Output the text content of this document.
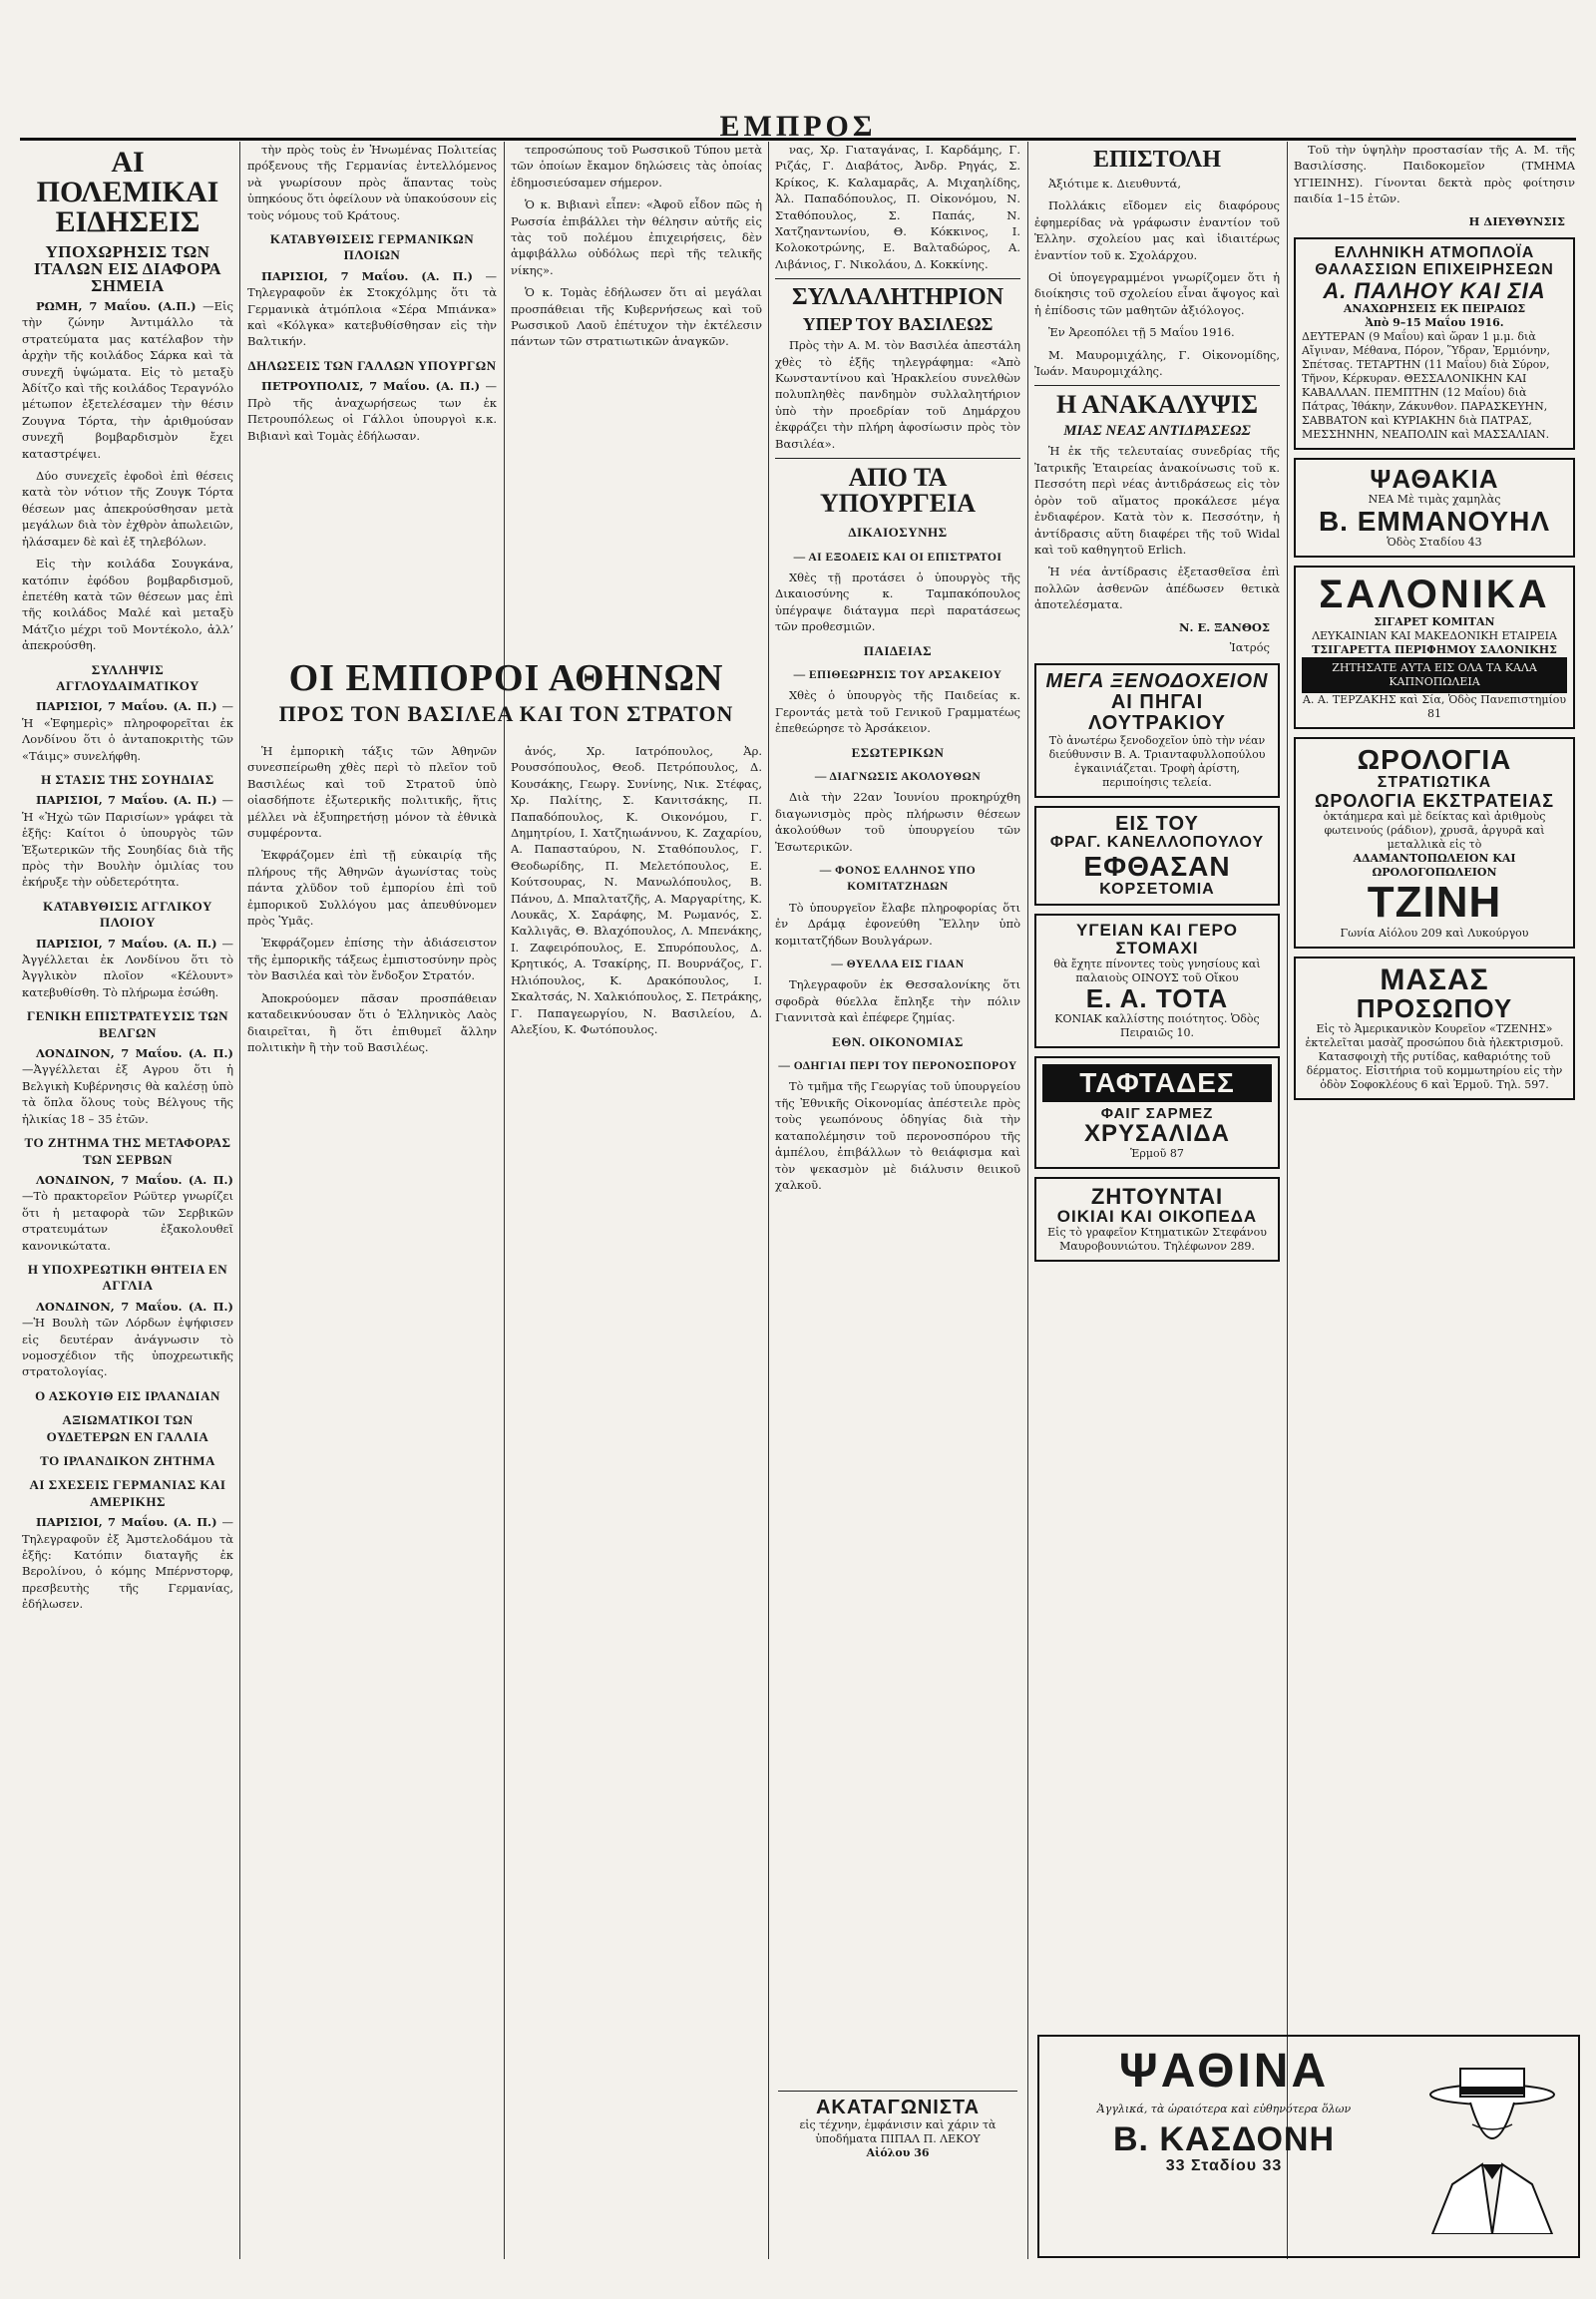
ΕΜΠΡΟΣ
ΑΙ ΠΟΛΕΜΙΚΑΙ ΕΙΔΗΣΕΙΣ
ΥΠΟΧΩΡΗΣΙΣ ΤΩΝ ΙΤΑΛΩΝ ΕΙΣ ΔΙΑΦΟΡΑ ΣΗΜΕΙΑ

ΡΩΜΗ, 7 Μαΐου. (Α.Π.) —Εἰς τὴν ζώνην Ἀντιμάλλο τὰ στρατεύματα μας κατέλαβον τὴν ἀρχὴν τῆς κοιλάδος Σάρκα καὶ τὰ συνεχῆ ὑψώματα. Εἰς τὸ μεταξὺ Ἀδίτζο καὶ τῆς κοιλάδος Τεραγνόλο μέτωπον ἐξετελέσαμεν τὴν θέσιν Ζουγνα Τόρτα, τὴν ἀριθμούσαν συνεχῆ βομβαρδισμὸν ἔχει καταστρέψει.

Δύο συνεχεῖς ἐφοδοὶ ἐπὶ θέσεις κατὰ τὸν νότιον τῆς Ζουγκ Τόρτα θέσεων μας ἀπεκρούσθησαν μετὰ μεγάλων διὰ τὸν ἐχθρὸν ἀπωλειῶν, ἠλάσαμεν δὲ καὶ ἐξ τηλεβόλων.

Εἰς τὴν κοιλάδα Σουγκάνα, κατόπιν ἐφόδου βομβαρδισμοῦ, ἐπετέθη κατὰ τῶν θέσεων μας ἐπὶ τῆς κοιλάδος Μαλέ καὶ μεταξὺ Μάτζιο μέχρι τοῦ Μοντέκολο, ἀλλ’ ἀπεκρούσθη.

ΣΥΛΛΗΨΙΣ ΑΓΓΛΟΥΔΑΙΜΑΤΙΚΟΥ

ΠΑΡΙΣΙΟΙ, 7 Μαΐου. (Α. Π.) —Ἡ «Ἐφημερὶς» πληροφορεῖται ἐκ Λονδίνου ὅτι ὁ ἀνταποκριτὴς τῶν «Τάιμς» συνελήφθη.

Η ΣΤΑΣΙΣ ΤΗΣ ΣΟΥΗΔΙΑΣ

ΠΑΡΙΣΙΟΙ, 7 Μαΐου. (Α. Π.) —Ἡ «Ἠχὼ τῶν Παρισίων» γράφει τὰ ἑξῆς: Καίτοι ὁ ὑπουργὸς τῶν Ἐξωτερικῶν τῆς Σουηδίας διὰ τῆς πρὸς τὴν Βουλὴν ὁμιλίας του ἐκήρυξε τὴν οὐδετερότητα.

ΚΑΤΑΒΥΘΙΣΙΣ ΑΓΓΛΙΚΟΥ ΠΛΟΙΟΥ

ΠΑΡΙΣΙΟΙ, 7 Μαΐου. (Α. Π.) — Ἀγγέλλεται ἐκ Λονδίνου ὅτι τὸ Ἀγγλικὸν πλοῖον «Κέλουντ» κατεβυθίσθη. Τὸ πλήρωμα ἐσώθη.

ΓΕΝΙΚΗ ΕΠΙΣΤΡΑΤΕΥΣΙΣ ΤΩΝ ΒΕΛΓΩΝ

ΛΟΝΔΙΝΟΝ, 7 Μαΐου. (Α. Π.) —Ἀγγέλλεται ἐξ Αγρου ὅτι ἡ Βελγικὴ Κυβέρνησις θὰ καλέσῃ ὑπὸ τὰ ὅπλα ὅλους τοὺς Βέλγους τῆς ἡλικίας 18 – 35 ἐτῶν.

ΤΟ ΖΗΤΗΜΑ ΤΗΣ ΜΕΤΑΦΟΡΑΣ ΤΩΝ ΣΕΡΒΩΝ

ΛΟΝΔΙΝΟΝ, 7 Μαΐου. (Α. Π.) —Τὸ πρακτορεῖον Ρώϋτερ γνωρίζει ὅτι ἡ μεταφορὰ τῶν Σερβικῶν στρατευμάτων ἐξακολουθεῖ κανονικώτατα.

Η ΥΠΟΧΡΕΩΤΙΚΗ ΘΗΤΕΙΑ ΕΝ ΑΓΓΛΙΑ

ΛΟΝΔΙΝΟΝ, 7 Μαΐου. (Α. Π.) —Ἡ Βουλὴ τῶν Λόρδων ἐψήφισεν εἰς δευτέραν ἀνάγνωσιν τὸ νομοσχέδιον τῆς ὑποχρεωτικῆς στρατολογίας.

Ο ΑΣΚΟΥΙΘ ΕΙΣ ΙΡΛΑΝΔΙΑΝ
ΑΞΙΩΜΑΤΙΚΟΙ ΤΩΝ ΟΥΔΕΤΕΡΩΝ ΕΝ ΓΑΛΛΙΑ
ΤΟ ΙΡΛΑΝΔΙΚΟΝ ΖΗΤΗΜΑ
ΑΙ ΣΧΕΣΕΙΣ ΓΕΡΜΑΝΙΑΣ ΚΑΙ ΑΜΕΡΙΚΗΣ

ΠΑΡΙΣΙΟΙ, 7 Μαΐου. (Α. Π.) —Τηλεγραφοῦν ἐξ Ἀμστελοδάμου τὰ ἑξῆς: Κατόπιν διαταγῆς ἐκ Βερολίνου, ὁ κόμης Μπέρνστορφ, πρεσβευτὴς τῆς Γερμανίας, ἐδήλωσεν.

τὴν πρὸς τοὺς ἐν Ἡνωμένας Πολιτείας πρόξενους τῆς Γερμανίας ἐντελλόμενος νὰ γνωρίσουν πρὸς ἅπαντας τοὺς ὑπηκόους ὅτι ὀφείλουν νὰ ὑπακούσουν εἰς τοὺς νόμους τοῦ Κράτους.

ΚΑΤΑΒΥΘΙΣΕΙΣ ΓΕΡΜΑΝΙΚΩΝ ΠΛΟΙΩΝ

ΠΑΡΙΣΙΟΙ, 7 Μαΐου. (Α. Π.) —Τηλεγραφοῦν ἐκ Στοκχόλμης ὅτι τὰ Γερμανικὰ ἀτμόπλοια «Σέρα Μπιάνκα» καὶ «Κόλγκα» κατεβυθίσθησαν εἰς τὴν Βαλτικήν.

ΔΗΛΩΣΕΙΣ ΤΩΝ ΓΑΛΛΩΝ ΥΠΟΥΡΓΩΝ

ΠΕΤΡΟΥΠΟΛΙΣ, 7 Μαΐου. (Α. Π.) — Πρὸ τῆς ἀναχωρήσεως των ἐκ Πετρουπόλεως οἱ Γάλλοι ὑπουργοὶ κ.κ. Βιβιανὶ καὶ Τομὰς ἐδήλωσαν.

ΟΙ ΕΜΠΟΡΟΙ ΑΘΗΝΩΝ
ΠΡΟΣ ΤΟΝ ΒΑΣΙΛΕΑ ΚΑΙ ΤΟΝ ΣΤΡΑΤΟΝ

Ἡ ἐμπορικὴ τάξις τῶν Ἀθηνῶν συνεσπείρωθη χθὲς περὶ τὸ πλεῖον τοῦ Βασιλέως καὶ τοῦ Στρατοῦ ὑπὸ οἰασδήποτε ἐξωτερικῆς πολιτικῆς, ἥτις μέλλει νὰ ἐξυπηρετήσῃ μόνον τὰ ἐθνικὰ συμφέροντα.

Ἐκφράζομεν ἐπὶ τῇ εὐκαιρίᾳ τῆς πλήρους τῆς Ἀθηνῶν ἀγωνίστας τοὺς πάντα χλῦδον τοῦ ἐμπορίου ἐπὶ τοῦ ἐμπορικοῦ Συλλόγου μας ἀπευθύνομεν πρὸς Ὑμᾶς.

Ἐκφράζομεν ἐπίσης τὴν ἀδιάσειστον τῆς ἐμπορικῆς τάξεως ἐμπιστοσύνην πρὸς τὸν Βασιλέα καὶ τὸν ἔνδοξον Στρατόν.

Ἀποκρούομεν πᾶσαν προσπάθειαν καταδεικνύουσαν ὅτι ὁ Ἑλληνικὸς Λαὸς διαιρεῖται, ἢ ὅτι ἐπιθυμεῖ ἄλλην πολιτικὴν ἢ τὴν τοῦ Βασιλέως.

τεπροσώπους τοῦ Ρωσσικοῦ Τύπου μετὰ τῶν ὁποίων ἔκαμον δηλώσεις τὰς ὁποίας ἐδημοσιεύσαμεν σήμερον.

Ὁ κ. Βιβιανὶ εἶπεν: «Ἀφοῦ εἶδον πῶς ἡ Ρωσσία ἐπιβάλλει τὴν θέλησιν αὐτῆς εἰς τὰς τοῦ πολέμου ἐπιχειρήσεις, δὲν ἀμφιβάλλω οὐδόλως περὶ τῆς τελικῆς νίκης».

Ὁ κ. Τομὰς ἐδήλωσεν ὅτι αἱ μεγάλαι προσπάθειαι τῆς Κυβερνήσεως καὶ τοῦ Ρωσσικοῦ Λαοῦ ἐπέτυχον τὴν ἐκτέλεσιν πάντων τῶν στρατιωτικῶν ἀναγκῶν.

ἀνός, Χρ. Ιατρόπουλος, Ἀρ. Ρουσσόπουλος, Θεοδ. Πετρόπουλος, Δ. Κουσάκης, Γεωργ. Συνίνης, Νικ. Στέφας, Χρ. Παλίτης, Σ. Κανιτσάκης, Π. Παπαδόπουλος, Κ. Οικονόμου, Γ. Δημητρίου, Ι. Χατζηιωάννου, Κ. Ζαχαρίου, Α. Παπασταύρου, Ν. Σταθόπουλος, Γ. Θεοδωρίδης, Π. Μελετόπουλος, Ε. Κούτσουρας, Ν. Μανωλόπουλος, Β. Πάνου, Δ. Μπαλτατζῆς, Α. Μαργαρίτης, Κ. Λουκᾶς, Χ. Σαράφης, Μ. Ρωμανός, Σ. Καλλιγᾶς, Θ. Βλαχόπουλος, Λ. Μπενάκης, Ι. Ζαφειρόπουλος, Ε. Σπυρόπουλος, Δ. Κρητικός, Α. Τσακίρης, Π. Βουρνάζος, Γ. Ηλιόπουλος, Κ. Δρακόπουλος, Ι. Σκαλτσάς, Ν. Χαλκιόπουλος, Σ. Πετράκης, Γ. Παπαγεωργίου, Ν. Βασιλείου, Δ. Αλεξίου, Κ. Φωτόπουλος.

νας, Χρ. Γιαταγάνας, Ι. Καρδάμης, Γ. Ριζάς, Γ. Διαβάτος, Ἀνδρ. Ρηγάς, Σ. Κρίκος, Κ. Καλαμαρᾶς, Α. Μιχαηλίδης, Ἀλ. Παπαδόπουλος, Π. Οἰκονόμου, Ν. Σταθόπουλος, Σ. Παπάς, Ν. Χατζηαντωνίου, Θ. Κόκκινος, Ι. Κολοκοτρώνης, Ε. Βαλταδώρος, Α. Λιβάνιος, Γ. Νικολάου, Δ. Κοκκίνης.

ΣΥΛΛΑΛΗΤΗΡΙΟΝ
ΥΠΕΡ ΤΟΥ ΒΑΣΙΛΕΩΣ

Πρὸς τὴν Α. Μ. τὸν Βασιλέα ἀπεστάλη χθὲς τὸ ἑξῆς τηλεγράφημα: «Ἀπὸ Κωνσταντίνου καὶ Ἡρακλείου συνελθὼν πολυπληθὲς πανδημὸν συλλαλητήριον ὑπὸ τὴν προεδρίαν τοῦ Δημάρχου ἐκφράζει τὴν πλήρη ἀφοσίωσιν πρὸς τὸν Βασιλέα».

ΑΠΟ ΤΑ ΥΠΟΥΡΓΕΙΑ
ΔΙΚΑΙΟΣΥΝΗΣ
— ΑΙ ΕΞΟΔΕΙΣ ΚΑΙ ΟΙ ΕΠΙΣΤΡΑΤΟΙ

Χθὲς τῇ προτάσει ὁ ὑπουργὸς τῆς Δικαιοσύνης κ. Ταμπακόπουλος ὑπέγραψε διάταγμα περὶ παρατάσεως τῶν προθεσμιῶν.

ΠΑΙΔΕΙΑΣ
— ΕΠΙΘΕΩΡΗΣΙΣ ΤΟΥ ΑΡΣΑΚΕΙΟΥ

Χθὲς ὁ ὑπουργὸς τῆς Παιδείας κ. Γεροντάς μετὰ τοῦ Γενικοῦ Γραμματέως ἐπεθεώρησε τὸ Ἀρσάκειον.

ΕΣΩΤΕΡΙΚΩΝ
— ΔΙΑΓΝΩΣΙΣ ΑΚΟΛΟΥΘΩΝ

Διὰ τὴν 22αν Ἰουνίου προκηρύχθη διαγωνισμὸς πρὸς πλήρωσιν θέσεων ἀκολούθων τοῦ ὑπουργείου τῶν Ἐσωτερικῶν.

— ΦΟΝΟΣ ΕΛΛΗΝΟΣ ΥΠΟ ΚΟΜΙΤΑΤΖΗΔΩΝ

Τὸ ὑπουργεῖον ἔλαβε πληροφορίας ὅτι ἐν Δράμᾳ ἐφονεύθη Ἕλλην ὑπὸ κομιτατζήδων Βουλγάρων.

— ΘΥΕΛΛΑ ΕΙΣ ΓΙΔΑΝ

Τηλεγραφοῦν ἐκ Θεσσαλονίκης ὅτι σφοδρὰ θύελλα ἔπληξε τὴν πόλιν Γιαννιτσὰ καὶ ἐπέφερε ζημίας.

ΕΘΝ. ΟΙΚΟΝΟΜΙΑΣ
— ΟΔΗΓΙΑΙ ΠΕΡΙ ΤΟΥ ΠΕΡΟΝΟΣΠΟΡΟΥ

Τὸ τμῆμα τῆς Γεωργίας τοῦ ὑπουργείου τῆς Ἐθνικῆς Οἰκονομίας ἀπέστειλε πρὸς τοὺς γεωπόνους ὁδηγίας διὰ τὴν καταπολέμησιν τοῦ περονοσπόρου τῆς ἀμπέλου, ἐπιβάλλων τὸ θειάφισμα καὶ τὸν ψεκασμὸν μὲ διάλυσιν θειικοῦ χαλκοῦ.

ΑΚΑΤΑΓΩΝΙΣΤΑ
εἰς τέχνην, ἐμφάνισιν καὶ χάριν τὰ ὑποδήματα ΠΙΠΑΛ Π. ΛΕΚΟΥ
Αἰόλου 36
ΕΠΙΣΤΟΛΗ

Ἀξιότιμε κ. Διευθυντά,

Πολλάκις εἴδομεν εἰς διαφόρους ἐφημερίδας νὰ γράφωσιν ἐναντίον τοῦ Ἑλλην. σχολείου μας καὶ ἰδιαιτέρως ἐναντίον τοῦ κ. Σχολάρχου.

Οἱ ὑπογεγραμμένοι γνωρίζομεν ὅτι ἡ διοίκησις τοῦ σχολείου εἶναι ἄψογος καὶ ἡ ἐπίδοσις τῶν μαθητῶν ἀξιόλογος.

Ἐν Ἀρεοπόλει τῇ 5 Μαΐου 1916.

Μ. Μαυρομιχάλης, Γ. Οἰκονομίδης, Ἰωάν. Μαυρομιχάλης.

Η ΑΝΑΚΑΛΥΨΙΣ
ΜΙΑΣ ΝΕΑΣ ΑΝΤΙΔΡΑΣΕΩΣ

Ἡ ἐκ τῆς τελευταίας συνεδρίας τῆς Ἰατρικῆς Ἑταιρείας ἀνακοίνωσις τοῦ κ. Πεσσότη περὶ νέας ἀντιδράσεως εἰς τὸν ὀρὸν τοῦ αἵματος προκάλεσε μέγα ἐνδιαφέρον. Κατὰ τὸν κ. Πεσσότην, ἡ ἀντίδρασις αὕτη διαφέρει τῆς τοῦ Widal καὶ τοῦ καθηγητοῦ Erlich.

Ἡ νέα ἀντίδρασις ἐξετασθεῖσα ἐπὶ πολλῶν ἀσθενῶν ἀπέδωσεν θετικὰ ἀποτελέσματα.

Ν. Ε. ΞΑΝΘΟΣ
Ἰατρός
ΜΕΓΑ ΞΕΝΟΔΟΧΕΙΟΝ
ΑΙ ΠΗΓΑΙ ΛΟΥΤΡΑΚΙΟΥ
Τὸ ἀνωτέρω ξενοδοχεῖον ὑπὸ τὴν νέαν διεύθυνσιν Β. Α. Τριανταφυλλοπούλου ἐγκαινιάζεται. Τροφὴ ἀρίστη, περιποίησις τελεία.
ΕΙΣ ΤΟΥ
ΦΡΑΓ. ΚΑΝΕΛΛΟΠΟΥΛΟΥ
ΕΦΘΑΣΑΝ
ΚΟΡΣΕΤΟΜΙΑ
ΥΓΕΙΑΝ ΚΑΙ ΓΕΡΟ ΣΤΟΜΑΧΙ
θὰ ἔχητε πίνοντες τοὺς γνησίους καὶ παλαιοὺς ΟΙΝΟΥΣ τοῦ Οἴκου
Ε. Α. ΤΟΤΑ
ΚΟΝΙΑΚ καλλίστης ποιότητος. Ὁδὸς Πειραιῶς 10.
ΤΑΦΤΑΔΕΣ
ΦΑΙΓ ΣΑΡΜΕΖ
ΧΡΥΣΑΛΙΔΑ
Ἑρμοῦ 87
ΖΗΤΟΥΝΤΑΙ
ΟΙΚΙΑΙ ΚΑΙ ΟΙΚΟΠΕΔΑ
Εἰς τὸ γραφεῖον Κτηματικῶν Στεφάνου Μαυροβουνιώτου. Τηλέφωνον 289.
ΨΑΘΙΝΑ
Ἀγγλικά, τὰ ὡραιότερα καὶ εὐθηνότερα ὅλων
Β. ΚΑΣΔΟΝΗ
33 Σταδίου 33

Τοῦ τὴν ὑψηλὴν προστασίαν τῆς Α. Μ. τῆς Βασιλίσσης. Παιδοκομεῖον (ΤΜΗΜΑ ΥΓΙΕΙΝΗΣ). Γίνονται δεκτὰ πρὸς φοίτησιν παιδία 1–15 ἐτῶν.

Η ΔΙΕΥΘΥΝΣΙΣ
ΕΛΛΗΝΙΚΗ ΑΤΜΟΠΛΟΪΑ
ΘΑΛΑΣΣΙΩΝ ΕΠΙΧΕΙΡΗΣΕΩΝ
Α. ΠΑΛΗΟΥ ΚΑΙ ΣΙΑ
ΑΝΑΧΩΡΗΣΕΙΣ ΕΚ ΠΕΙΡΑΙΩΣ
Ἀπὸ 9–15 Μαΐου 1916.
ΔΕΥΤΕΡΑΝ (9 Μαΐου) καὶ ὥραν 1 μ.μ. διὰ Αἴγιναν, Μέθανα, Πόρον, Ὕδραν, Ἑρμιόνην, Σπέτσας. ΤΕΤΑΡΤΗΝ (11 Μαΐου) διὰ Σύρον, Τῆνον, Κέρκυραν. ΘΕΣΣΑΛΟΝΙΚΗΝ ΚΑΙ ΚΑΒΑΛΛΑΝ. ΠΕΜΠΤΗΝ (12 Μαΐου) διὰ Πάτρας, Ἰθάκην, Ζάκυνθον. ΠΑΡΑΣΚΕΥΗΝ, ΣΑΒΒΑΤΟΝ καὶ ΚΥΡΙΑΚΗΝ διὰ ΠΑΤΡΑΣ, ΜΕΣΣΗΝΗΝ, ΝΕΑΠΟΛΙΝ καὶ ΜΑΣΣΑΛΙΑΝ.
ΨΑΘΑΚΙΑ
ΝΕΑ Μὲ τιμὰς χαμηλὰς
Β. ΕΜΜΑΝΟΥΗΛ
Ὁδὸς Σταδίου 43
ΣΑΛΟΝΙΚΑ
ΣΙΓΑΡΕΤ ΚΟΜΙΤΑΝ
ΛΕΥΚΑΙΝΙΑΝ ΚΑΙ ΜΑΚΕΔΟΝΙΚΗ ΕΤΑΙΡΕΙΑ
ΤΣΙΓΑΡΕΤΤΑ ΠΕΡΙΦΗΜΟΥ ΣΑΛΟΝΙΚΗΣ
ΖΗΤΗΣΑΤΕ ΑΥΤΑ ΕΙΣ ΟΛΑ ΤΑ ΚΑΛΑ ΚΑΠΝΟΠΩΛΕΙΑ
Α. Α. ΤΕΡΖΑΚΗΣ καὶ Σία, Ὁδὸς Πανεπιστημίου 81
ΩΡΟΛΟΓΙΑ
ΣΤΡΑΤΙΩΤΙΚΑ
ΩΡΟΛΟΓΙΑ ΕΚΣΤΡΑΤΕΙΑΣ
ὀκτάημερα καὶ μὲ δείκτας καὶ ἀριθμοὺς φωτεινούς (ράδιον), χρυσᾶ, ἀργυρᾶ καὶ μεταλλικὰ εἰς τὸ
ΑΔΑΜΑΝΤΟΠΩΛΕΙΟΝ ΚΑΙ ΩΡΟΛΟΓΟΠΩΛΕΙΟΝ
ΤΖΙΝΗ
Γωνία Αἰόλου 209 καὶ Λυκούργου
ΜΑΣΑΣ
ΠΡΟΣΩΠΟΥ
Εἰς τὸ Ἀμερικανικὸν Κουρεῖον «ΤΖΕΝΗΣ» ἐκτελεῖται μασὰζ προσώπου διὰ ἠλεκτρισμοῦ. Κατασφοιχὴ τῆς ρυτίδας, καθαριότης τοῦ δέρματος. Εἰσιτήρια τοῦ κομμωτηρίου εἰς τὴν ὁδὸν Σοφοκλέους 6 καὶ Ἑρμοῦ. Τηλ. 597.
